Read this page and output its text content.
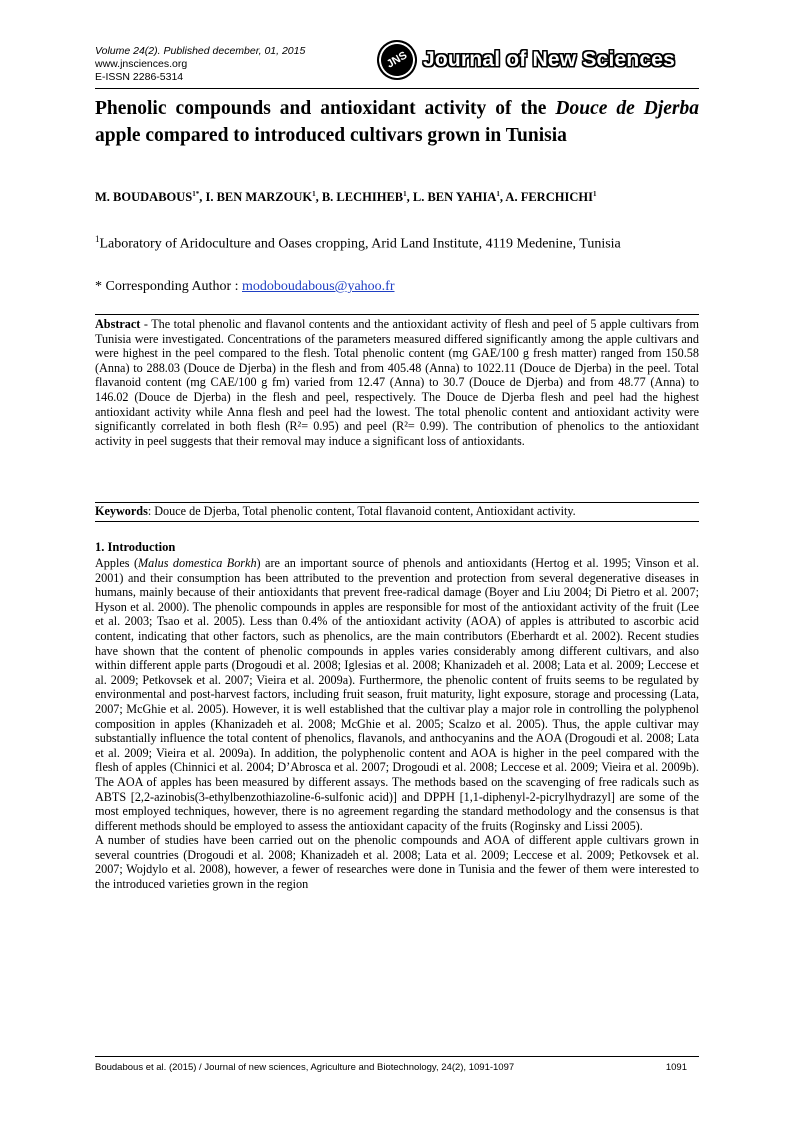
Volume 24(2). Published december, 01, 2015
www.jnsciences.org
E-ISSN 2286-5314
JNS Journal of New Sciences
Phenolic compounds and antioxidant activity of the Douce de Djerba apple compared to introduced cultivars grown in Tunisia
M. $BOUDABOUS^{1*}$, I. BEN MARZOUK$^1$, B. LECHIHEB$^1$, L. BEN YAHIA$^1$, A. FERCHICHI$^1$
$^1$Laboratory of Aridoculture and Oases cropping, Arid Land Institute, 4119 Medenine, Tunisia
* Corresponding Author : modoboudabous@yahoo.fr
Abstract - The total phenolic and flavanol contents and the antioxidant activity of flesh and peel of 5 apple cultivars from Tunisia were investigated. Concentrations of the parameters measured differed significantly among the apple cultivars and were highest in the peel compared to the flesh. Total phenolic content (mg GAE/100 g fresh matter) ranged from 150.58 (Anna) to 288.03 (Douce de Djerba) in the flesh and from 405.48 (Anna) to 1022.11 (Douce de Djerba) in the peel. Total flavanoid content (mg CAE/100 g fm) varied from 12.47 (Anna) to 30.7 (Douce de Djerba) and from 48.77 (Anna) to 146.02 (Douce de Djerba) in the flesh and peel, respectively. The Douce de Djerba flesh and peel had the highest antioxidant activity while Anna flesh and peel had the lowest. The total phenolic content and antioxidant activity were significantly correlated in both flesh (R²= 0.95) and peel (R²= 0.99). The contribution of phenolics to the antioxidant activity in peel suggests that their removal may induce a significant loss of antioxidants.
Keywords: Douce de Djerba, Total phenolic content, Total flavanoid content, Antioxidant activity.
1. Introduction

Apples (Malus domestica Borkh) are an important source of phenols and antioxidants (Hertog et al. 1995; Vinson et al. 2001) and their consumption has been attributed to the prevention and protection from several degenerative diseases in humans, mainly because of their antioxidants that prevent free-radical damage (Boyer and Liu 2004; Di Pietro et al. 2007; Hyson et al. 2000). The phenolic compounds in apples are responsible for most of the antioxidant activity of the fruit (Lee et al. 2003; Tsao et al. 2005). Less than 0.4% of the antioxidant activity (AOA) of apples is attributed to ascorbic acid content, indicating that other factors, such as phenolics, are the main contributors (Eberhardt et al. 2002). Recent studies have shown that the content of phenolic compounds in apples varies considerably among different cultivars, and also within different apple parts (Drogoudi et al. 2008; Iglesias et al. 2008; Khanizadeh et al. 2008; Lata et al. 2009; Leccese et al. 2009; Petkovsek et al. 2007; Vieira et al. 2009a). Furthermore, the phenolic content of fruits seems to be regulated by environmental and post-harvest factors, including fruit season, fruit maturity, light exposure, storage and processing (Lata, 2007; McGhie et al. 2005). However, it is well established that the cultivar play a major role in controlling the polyphenol composition in apples (Khanizadeh et al. 2008; McGhie et al. 2005; Scalzo et al. 2005). Thus, the apple cultivar may substantially influence the total content of phenolics, flavanols, and anthocyanins and the AOA (Drogoudi et al. 2008; Lata et al. 2009; Vieira et al. 2009a). In addition, the polyphenolic content and AOA is higher in the peel compared with the flesh of apples (Chinnici et al. 2004; D’Abrosca et al. 2007; Drogoudi et al. 2008; Leccese et al. 2009; Vieira et al. 2009b). The AOA of apples has been measured by different assays. The methods based on the scavenging of free radicals such as ABTS [2,2-azinobis(3-ethylbenzothiazoline-6-sulfonic acid)] and DPPH [1,1-diphenyl-2-picrylhydrazyl] are some of the most employed techniques, however, there is no agreement regarding the standard methodology and the consensus is that different methods should be employed to assess the antioxidant capacity of the fruits (Roginsky and Lissi 2005).

A number of studies have been carried out on the phenolic compounds and AOA of different apple cultivars grown in several countries (Drogoudi et al. 2008; Khanizadeh et al. 2008; Lata et al. 2009; Leccese et al. 2009; Petkovsek et al. 2007; Wojdylo et al. 2008), however, a fewer of researches were done in Tunisia and the fewer of them were interested to the introduced varieties grown in the region

Boudabous et al. (2015) / Journal of new sciences, Agriculture and Biotechnology, 24(2), 1091-1097	1091
